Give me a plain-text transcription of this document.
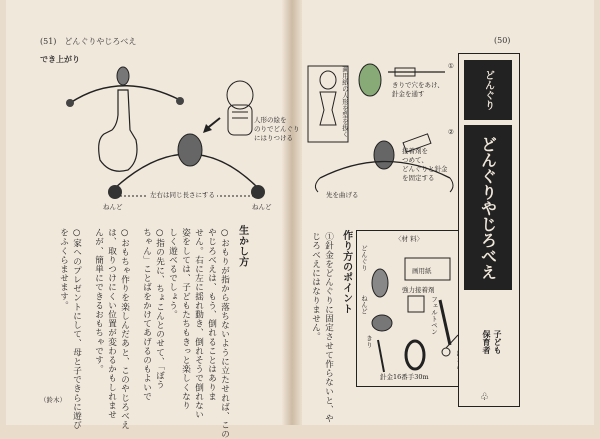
(51)　どんぐりやじろべえ
でき上がり
人形の絵を
のりでどんぐり
にはりつける
左右は同じ長さにする
ねんど	ねんど
生かし方
○おもりが指から落ちないように立たせれば、この
やじろべえは、もう、倒れることはありま
せん。右に左に揺れ動き、倒れそうで倒れない
姿をしては、子どもたちもきっと楽しくなり
しく遊べるでしょう。
○指の先に、ちょこんとのせて、「ぼう
ちゃん」ことばをかけてあげるのもよいで
○おもちゃ作りを楽しんだあと、このやじろべえ
は、取りつけにくい位置が変わるかもしれませ
んが、簡単にできるおもちゃです。
○家へのプレゼントにして、母と子できらに遊び
をふくらませます。
（鈴木）
(50)
①
画用紙の人形を型を抜く	きりで穴をあけ、
針金を通す
②
接着剤を
つめて、
どんぐりと針金
を固定する
先を曲げる
作り方のポイント
①針金をどんぐりに固定させて作らないと、や
じろべえにはなりません。	〈材 料〉
どんぐり	画用紙
強力接着剤
ねんど	フェルトペン
きり
針金16番手30m
どんぐり
どんぐりやじろべえ
子ども
保育者
♧
